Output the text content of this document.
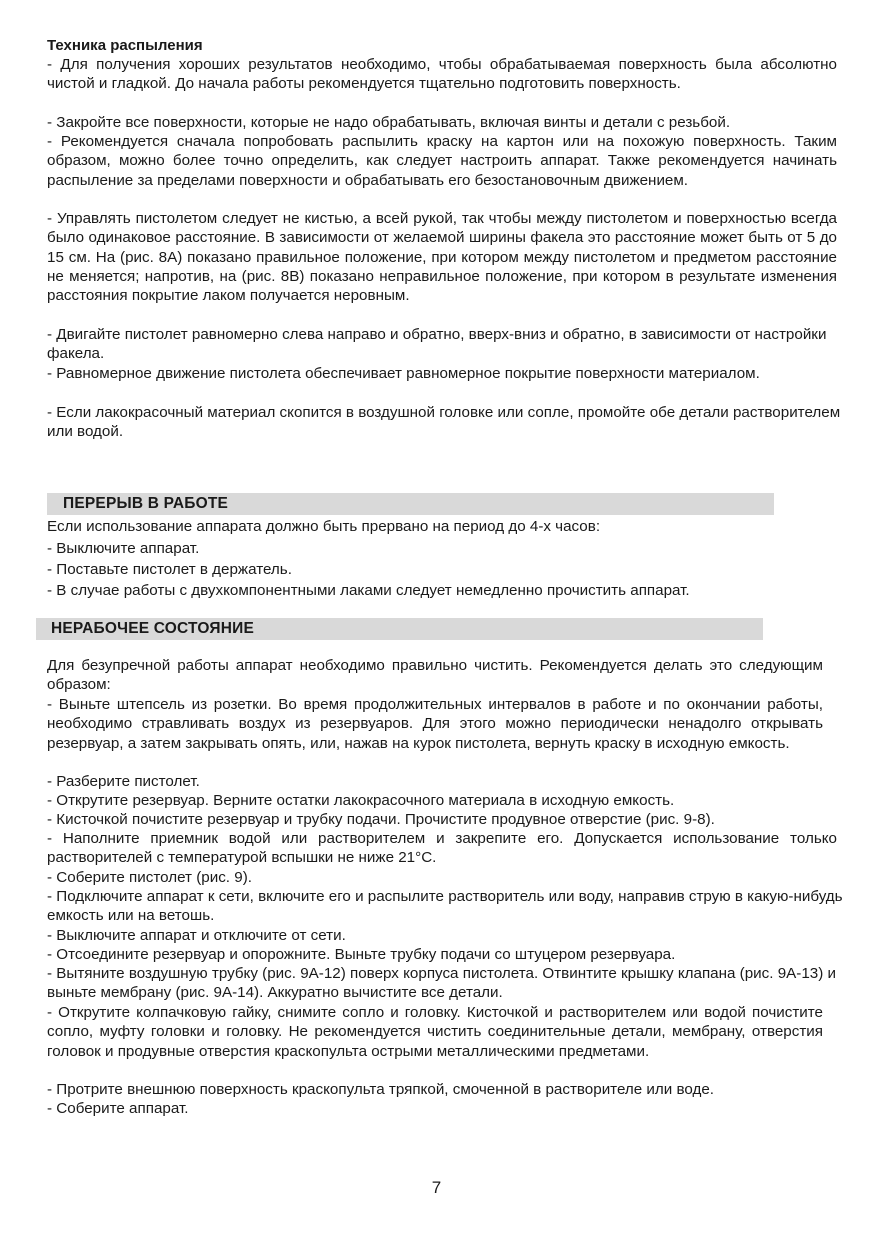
Техника распыления

- Для получения хороших результатов необходимо, чтобы обрабатываемая поверхность была абсолютно чистой и гладкой. До начала работы рекомендуется тщательно подготовить поверхность.

- Закройте все поверхности, которые не надо обрабатывать, включая винты и детали с резьбой.

- Рекомендуется сначала попробовать распылить краску на картон или на похожую поверхность. Таким образом, можно более точно определить, как следует настроить аппарат. Также рекомендуется начинать распыление за пределами поверхности и обрабатывать его безостановочным движением.

- Управлять пистолетом следует не кистью, а всей рукой, так чтобы между пистолетом и поверхностью всегда было одинаковое расстояние. В зависимости от желаемой ширины факела это расстояние может быть от 5 до 15 см. На (рис. 8А) показано правильное положение, при котором между пистолетом и предметом расстояние не меняется; напротив, на (рис. 8В) показано неправильное положение, при котором в результате изменения расстояния покрытие лаком получается неровным.

- Двигайте пистолет равномерно слева направо и обратно, вверх-вниз и обратно, в зависимости от настройки факела.

- Равномерное движение пистолета обеспечивает равномерное покрытие поверхности материалом.

- Если лакокрасочный материал скопится в воздушной головке или сопле, промойте обе детали растворителем или водой.

ПЕРЕРЫВ В РАБОТЕ

Если использование аппарата должно быть прервано на период до 4-х часов:

- Выключите аппарат.

- Поставьте пистолет в держатель.

- В случае работы с двухкомпонентными лаками следует немедленно прочистить аппарат.

НЕРАБОЧЕЕ СОСТОЯНИЕ

Для безупречной работы аппарат необходимо правильно чистить. Рекомендуется делать это следующим образом:

- Выньте штепсель из розетки. Во время продолжительных интервалов в работе и по окончании работы, необходимо стравливать воздух из резервуаров. Для этого можно периодически ненадолго открывать резервуар, а затем закрывать опять, или, нажав на курок пистолета, вернуть краску в исходную емкость.

- Разберите пистолет.

- Открутите резервуар. Верните остатки лакокрасочного материала в исходную емкость.

- Кисточкой почистите резервуар и трубку подачи. Прочистите продувное отверстие (рис. 9-8).

- Наполните приемник водой или растворителем и закрепите его. Допускается использование только растворителей с температурой вспышки не ниже 21°С.

- Соберите пистолет (рис. 9).

- Подключите аппарат к сети, включите его и распылите растворитель или воду, направив струю в какую-нибудь емкость или на ветошь.

- Выключите аппарат и отключите от сети.

- Отсоедините резервуар и опорожните. Выньте трубку подачи со штуцером резервуара.

- Вытяните воздушную трубку (рис. 9А-12) поверх корпуса пистолета. Отвинтите крышку клапана (рис. 9А-13) и выньте мембрану (рис. 9А-14). Аккуратно вычистите все детали.

- Открутите колпачковую гайку, снимите сопло и головку. Кисточкой и растворителем или водой почистите сопло, муфту головки и головку. Не рекомендуется чистить соединительные детали, мембрану, отверстия головок и продувные отверстия краскопульта острыми металлическими предметами.

- Протрите внешнюю поверхность краскопульта тряпкой, смоченной в растворителе или воде.

- Соберите аппарат.

7
